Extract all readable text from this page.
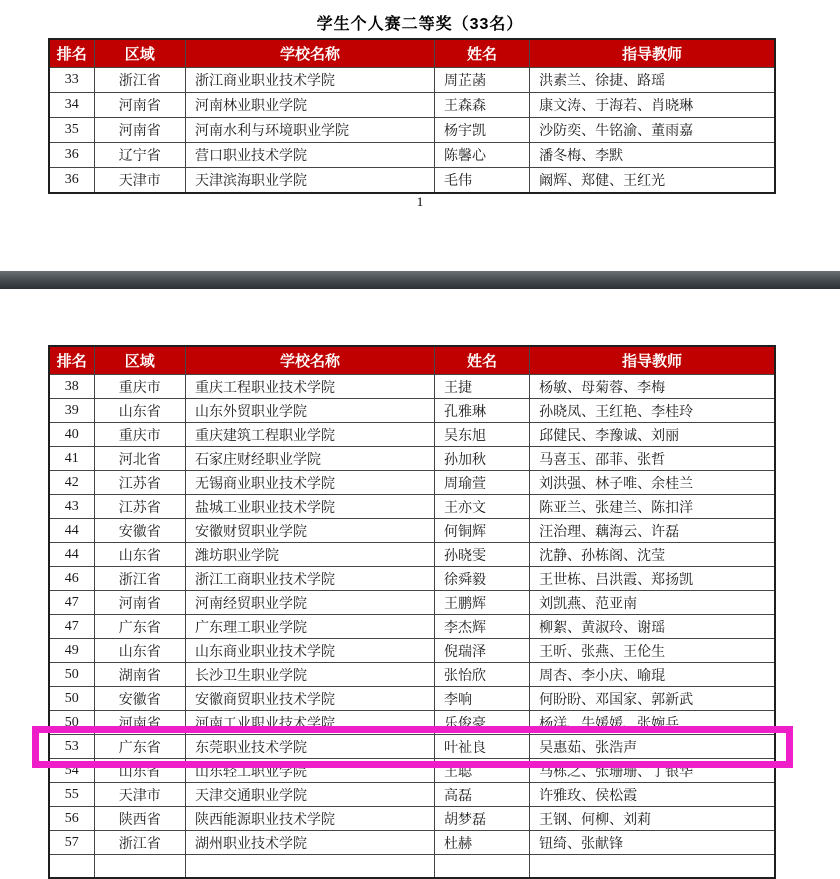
学生个人赛二等奖（33名）
排名	区域	学校名称	姓名	指导教师
33	浙江省	浙江商业职业技术学院	周芷菡	洪素兰、徐捷、路瑶
34	河南省	河南林业职业学院	王森森	康文涛、于海若、肖晓琳
35	河南省	河南水利与环境职业学院	杨宇凯	沙防奕、牛铭渝、董雨嘉
36	辽宁省	营口职业技术学院	陈馨心	潘冬梅、李默
36	天津市	天津滨海职业学院	毛伟	阚辉、郑健、王红光
1
排名	区域	学校名称	姓名	指导教师
38	重庆市	重庆工程职业技术学院	王捷	杨敏、母菊蓉、李梅
39	山东省	山东外贸职业学院	孔雅琳	孙晓凤、王红艳、李桂玲
40	重庆市	重庆建筑工程职业学院	吴东旭	邱健民、李豫诚、刘丽
41	河北省	石家庄财经职业学院	孙加秋	马喜玉、邵菲、张哲
42	江苏省	无锡商业职业技术学院	周瑜萱	刘洪强、林子唯、余桂兰
43	江苏省	盐城工业职业技术学院	王亦文	陈亚兰、张建兰、陈扣洋
44	安徽省	安徽财贸职业学院	何铜辉	汪治理、藕海云、许磊
44	山东省	潍坊职业学院	孙晓雯	沈静、孙栋阁、沈莹
46	浙江省	浙江工商职业技术学院	徐舜毅	王世栋、吕洪霞、郑扬凯
47	河南省	河南经贸职业学院	王鹏辉	刘凯燕、范亚南
47	广东省	广东理工职业学院	李杰辉	柳絮、黄淑玲、谢瑶
49	山东省	山东商业职业技术学院	倪瑞泽	王昕、张燕、王伦生
50	湖南省	长沙卫生职业学院	张怡欣	周杏、李小庆、喻琨
50	安徽省	安徽商贸职业技术学院	李响	何盼盼、邓国家、郭新武
50	河南省	河南工业职业技术学院	乐俊豪	杨洋、牛媛媛、张婉兵
53	广东省	东莞职业技术学院	叶祉良	吴惠茹、张浩声
54	山东省	山东轻工职业学院	王聪	马栋之、张珊珊、丁银华
55	天津市	天津交通职业学院	高磊	许雅玫、侯松霞
56	陕西省	陕西能源职业技术学院	胡梦磊	王钢、何柳、刘莉
57	浙江省	湖州职业技术学院	杜赫	钮绮、张献锋
